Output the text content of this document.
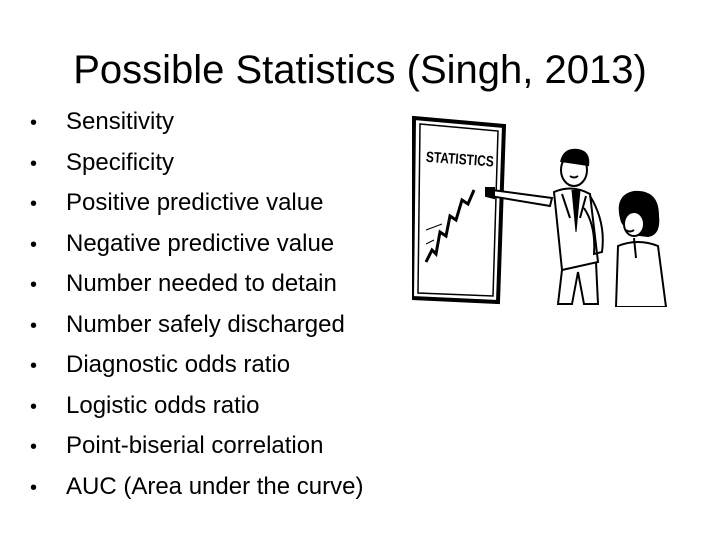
Possible Statistics (Singh, 2013)
•	Sensitivity
•	Specificity
•	Positive predictive value
•	Negative predictive value
•	Number needed to detain
•	Number safely discharged
•	Diagnostic odds ratio
•	Logistic odds ratio
•	Point-biserial correlation
•	AUC (Area under the curve)
STATISTICS
